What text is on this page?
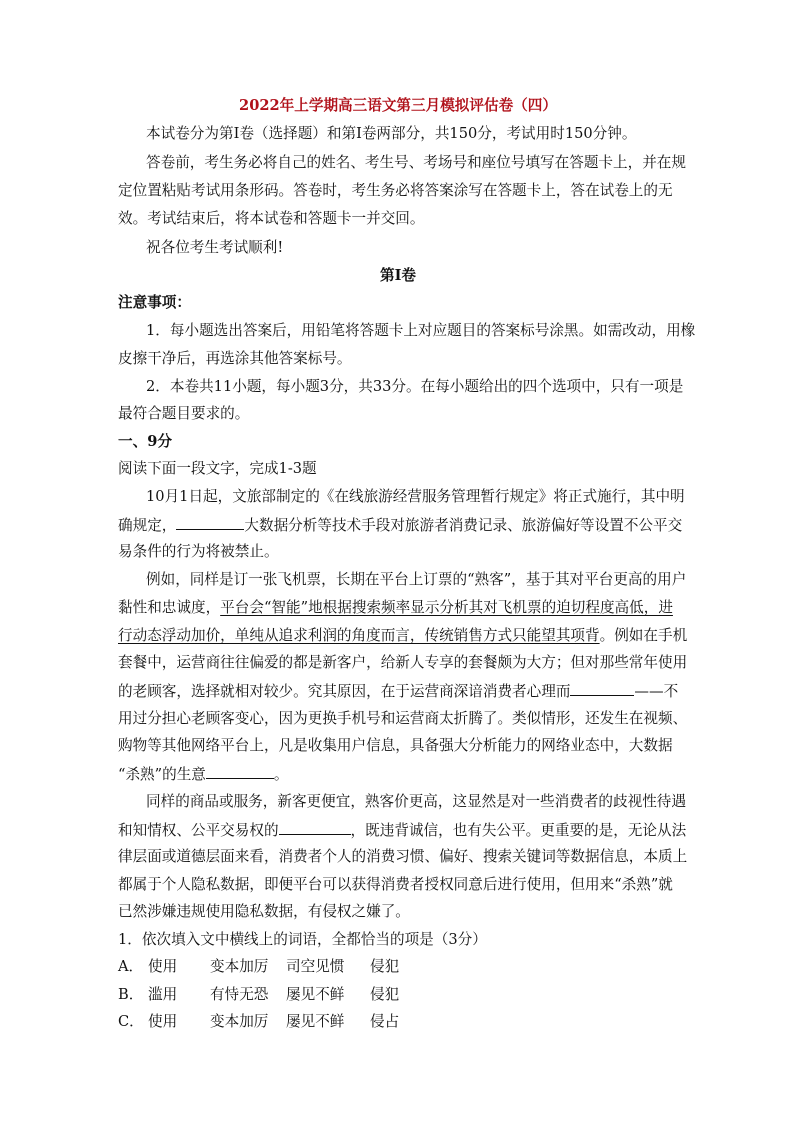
2022年上学期高三语文第三月模拟评估卷（四）
本试卷分为第Ⅰ卷（选择题）和第Ⅰ卷两部分，共150分，考试用时150分钟。
答卷前，考生务必将自己的姓名、考生号、考场号和座位号填写在答题卡上，并在规
定位置粘贴考试用条形码。答卷时，考生务必将答案涂写在答题卡上，答在试卷上的无
效。考试结束后，将本试卷和答题卡一并交回。
祝各位考生考试顺利!
第Ⅰ卷
注意事项：
1．每小题选出答案后，用铅笔将答题卡上对应题目的答案标号涂黑。如需改动，用橡
皮擦干净后，再选涂其他答案标号。
2．本卷共11小题，每小题3分，共33分。在每小题给出的四个选项中，只有一项是
最符合题目要求的。
一、9分
阅读下面一段文字，完成1-3题
10月1日起，文旅部制定的《在线旅游经营服务管理暂行规定》将正式施行，其中明
确规定，	大数据分析等技术手段对旅游者消费记录、旅游偏好等设置不公平交
易条件的行为将被禁止。
例如，同样是订一张飞机票，长期在平台上订票的“熟客”，基于其对平台更高的用户
黏性和忠诚度，平台会“智能”地根据搜索频率显示分析其对飞机票的迫切程度高低，进
行动态浮动加价，单纯从追求利润的角度而言，传统销售方式只能望其项背。例如在手机
套餐中，运营商往往偏爱的都是新客户，给新人专享的套餐颇为大方；但对那些常年使用
的老顾客，选择就相对较少。究其原因，在于运营商深谙消费者心理而	——不
用过分担心老顾客变心，因为更换手机号和运营商太折腾了。类似情形，还发生在视频、
购物等其他网络平台上，凡是收集用户信息，具备强大分析能力的网络业态中，大数据
“杀熟”的生意	。
同样的商品或服务，新客更便宜，熟客价更高，这显然是对一些消费者的歧视性待遇
和知情权、公平交易权的	，既违背诚信，也有失公平。更重要的是，无论从法
律层面或道德层面来看，消费者个人的消费习惯、偏好、搜索关键词等数据信息，本质上
都属于个人隐私数据，即便平台可以获得消费者授权同意后进行使用，但用来“杀熟”就
已然涉嫌违规使用隐私数据，有侵权之嫌了。
1．依次填入文中横线上的词语，全都恰当的项是（3分）
A． 使用 变本加厉 司空见惯 侵犯
B． 滥用 有恃无恐 屡见不鲜 侵犯
C． 使用 变本加厉 屡见不鲜 侵占
